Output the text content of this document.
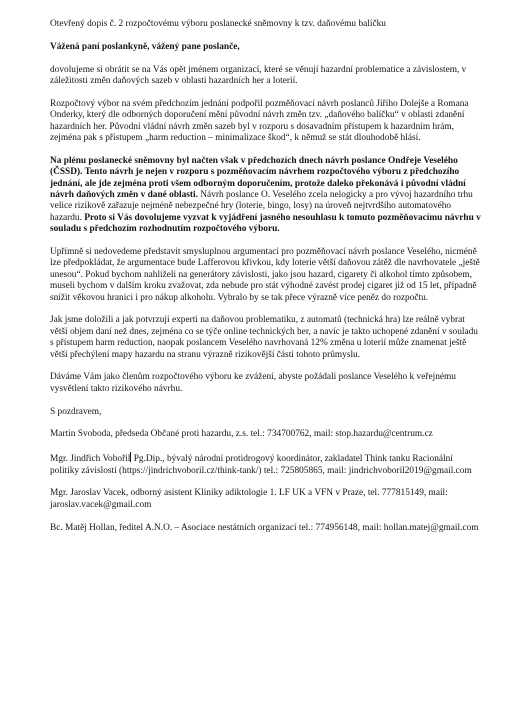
Otevřený dopis č. 2 rozpočtovému výboru poslanecké sněmovny k tzv. daňovému balíčku

Vážená paní poslankyně, vážený pane poslanče,

dovolujeme si obrátit se na Vás opět jménem organizací, které se věnují hazardní problematice a závislostem, v záležitosti změn daňových sazeb v oblasti hazardních her a loterií.

Rozpočtový výbor na svém předchozím jednání podpořil pozměňovací návrh poslanců Jiřího Dolejše a Romana Onderky, který dle odborných doporučení mění původní návrh změn tzv. „daňového balíčku“ v oblasti zdanění hazardních her. Původní vládní návrh změn sazeb byl v rozporu s dosavadním přístupem k hazardním hrám, zejména pak s přístupem „harm reduction – minimalizace škod“, k němuž se stát dlouhodobě hlásí.

Na plénu poslanecké sněmovny byl načten však v předchozích dnech návrh poslance Ondřeje Veselého (ČSSD). Tento návrh je nejen v rozporu s pozměňovacím návrhem rozpočtového výboru z předchozího jednání, ale jde zejména proti všem odborným doporučením, protože daleko překonává i původní vládní návrh daňových změn v dané oblasti. Návrh poslance O. Veselého zcela nelogicky a pro vývoj hazardního trhu velice rizikově zařazuje nejméně nebezpečné hry (loterie, bingo, losy) na úroveň nejtvrdšího automatového hazardu. Proto si Vás dovolujeme vyzvat k vyjádření jasného nesouhlasu k tomuto pozměňovacímu návrhu v souladu s předchozím rozhodnutím rozpočtového výboru.

Upřímně si nedovedeme představit smysluplnou argumentaci pro pozměňovací návrh poslance Veselého, nicméně lze předpokládat, že argumentace bude Lafferovou křivkou, kdy loterie větší daňovou zátěž dle navrhovatele „ještě unesou“. Pokud bychom nahlíželi na generátory závislosti, jako jsou hazard, cigarety či alkohol tímto způsobem, museli bychom v dalším kroku zvažovat, zda nebude pro stát výhodné zavést prodej cigaret již od 15 let, případně snížit věkovou hranici i pro nákup alkoholu. Vybralo by se tak přece výrazně více peněz do rozpočtu.

Jak jsme doložili a jak potvrzují experti na daňovou problematiku, z automatů (technická hra) lze reálně vybrat větší objem daní než dnes, zejména co se týče online technických her, a navíc je takto uchopené zdanění v souladu s přístupem harm reduction, naopak poslancem Veselého navrhovaná 12% změna u loterií může znamenat ještě větší přechýlení mapy hazardu na stranu výrazně rizikovější části tohoto průmyslu.

Dáváme Vám jako členům rozpočtového výboru ke zvážení, abyste požádali poslance Veselého k veřejnému vysvětlení takto rizikového návrhu.

S pozdravem,

Martin Svoboda, předseda Občané proti hazardu, z.s. tel.: 734700762, mail: stop.hazardu@centrum.cz

Mgr. Jindřich Vobořil Pg.Dip., bývalý národní protidrogový koordinátor, zakladatel Think tanku Racionální politiky závislostí (https://jindrichvoboril.cz/think-tank/) tel.: 725805865, mail: jindrichvoboril2019@gmail.com

Mgr. Jaroslav Vacek, odborný asistent Kliniky adiktologie 1. LF UK a VFN v Praze, tel. 777815149, mail: jaroslav.vacek@gmail.com

Bc. Matěj Hollan, ředitel A.N.O. – Asociace nestátních organizací tel.: 774956148, mail: hollan.matej@gmail.com
